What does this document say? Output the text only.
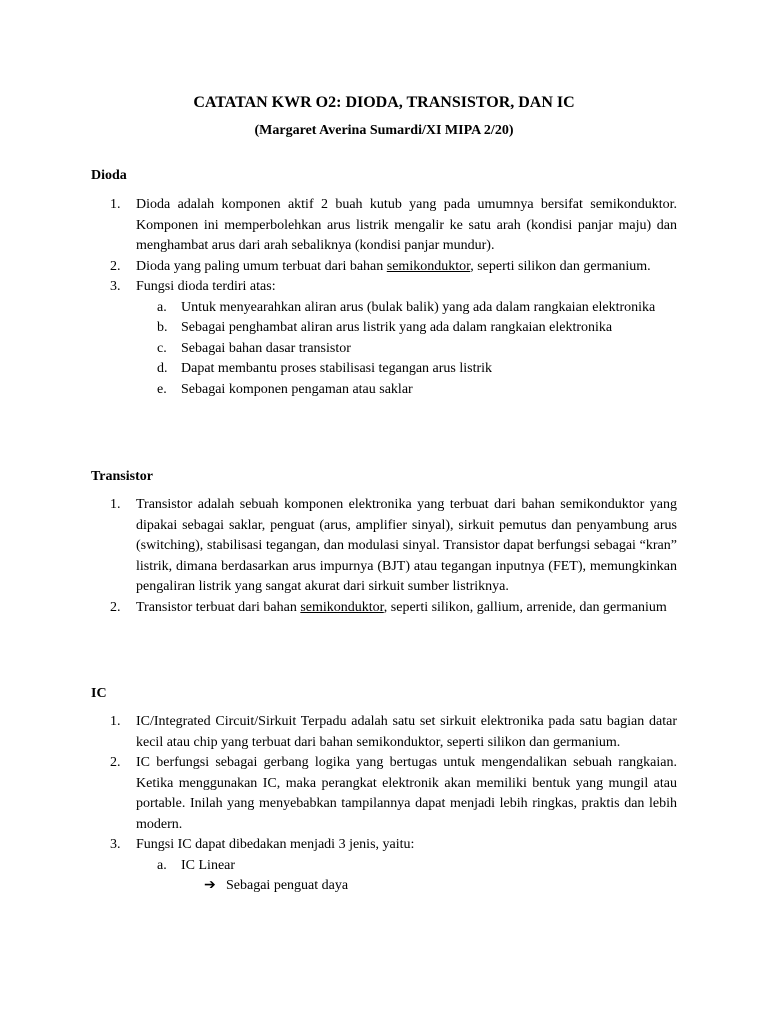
CATATAN KWR O2: DIODA, TRANSISTOR, DAN IC
(Margaret Averina Sumardi/XI MIPA 2/20)
Dioda
1.	Dioda adalah komponen aktif 2 buah kutub yang pada umumnya bersifat semikonduktor. Komponen ini memperbolehkan arus listrik mengalir ke satu arah (kondisi panjar maju) dan menghambat arus dari arah sebaliknya (kondisi panjar mundur).
2.	Dioda yang paling umum terbuat dari bahan semikonduktor, seperti silikon dan germanium.
3.	Fungsi dioda terdiri atas:
a.	Untuk menyearahkan aliran arus (bulak balik) yang ada dalam rangkaian elektronika
b. Sebagai penghambat aliran arus listrik yang ada dalam rangkaian elektronika
c.	Sebagai bahan dasar transistor
d. Dapat membantu proses stabilisasi tegangan arus listrik
e.	Sebagai komponen pengaman atau saklar
Transistor
1.	Transistor adalah sebuah komponen elektronika yang terbuat dari bahan semikonduktor yang dipakai sebagai saklar, penguat (arus, amplifier sinyal), sirkuit pemutus dan penyambung arus (switching), stabilisasi tegangan, dan modulasi sinyal. Transistor dapat berfungsi sebagai “kran” listrik, dimana berdasarkan arus impurnya (BJT) atau tegangan inputnya (FET), memungkinkan pengaliran listrik yang sangat akurat dari sirkuit sumber listriknya.
2.	Transistor terbuat dari bahan semikonduktor, seperti silikon, gallium, arrenide, dan germanium
IC
1.	IC/Integrated Circuit/Sirkuit Terpadu adalah satu set sirkuit elektronika pada satu bagian datar kecil atau chip yang terbuat dari bahan semikonduktor, seperti silikon dan germanium.
2.	IC berfungsi sebagai gerbang logika yang bertugas untuk mengendalikan sebuah rangkaian. Ketika menggunakan IC, maka perangkat elektronik akan memiliki bentuk yang mungil atau portable. Inilah yang menyebabkan tampilannya dapat menjadi lebih ringkas, praktis dan lebih modern.
3.	Fungsi IC dapat dibedakan menjadi 3 jenis, yaitu:
a.	IC Linear
➔ Sebagai penguat daya
